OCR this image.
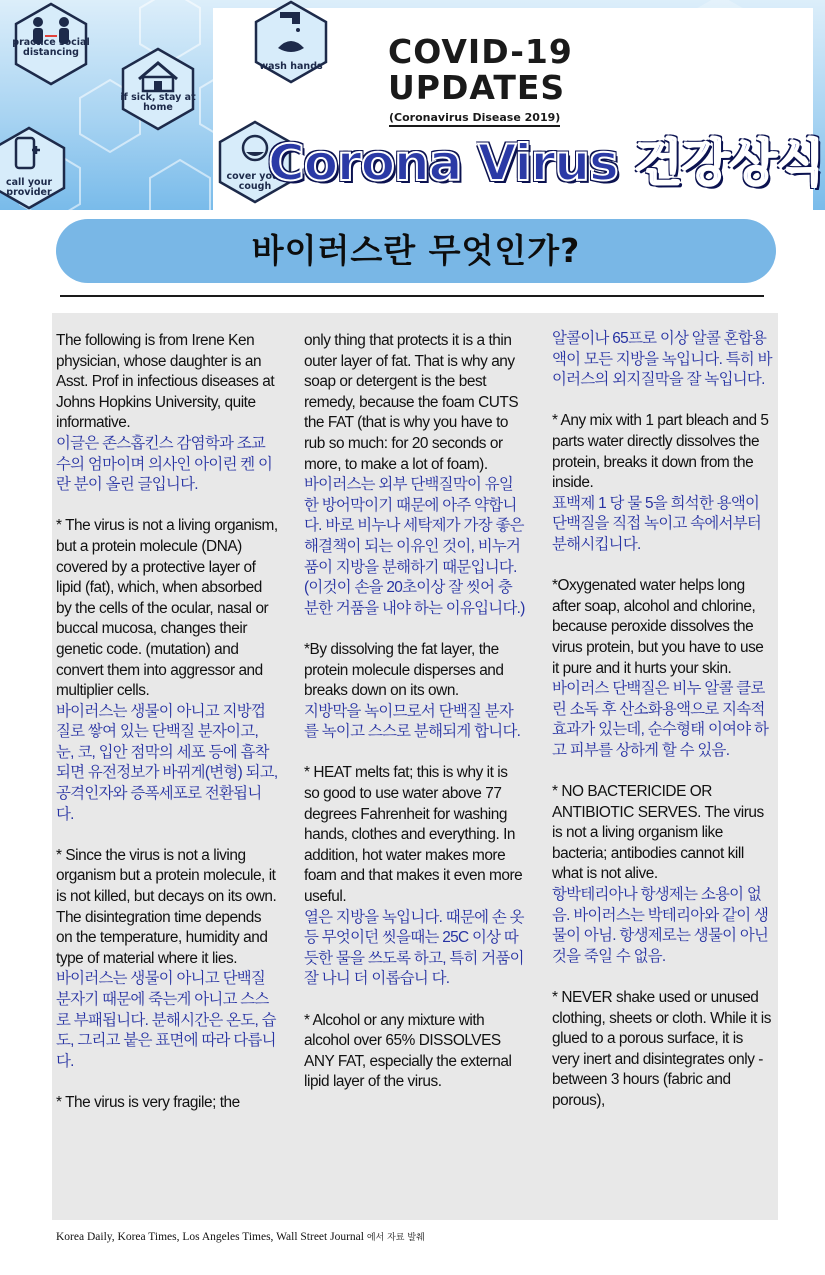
practice social distancing
wash hands
if sick, stay at home
call your provider
cover your cough
COVID-19
UPDATES
(Coronavirus Disease 2019)
Corona Virus 건강상식
바이러스란 무엇인가?

The following is from Irene Ken physician, whose daughter is an Asst. Prof in infectious diseases at Johns Hopkins University, quite informative.
이글은 존스홉킨스 감염학과 조교수의 엄마이며 의사인 아이린 켄 이란 분이 올린 글입니다.

* The virus is not a living organism, but a protein molecule (DNA) covered by a protective layer of lipid (fat), which, when absorbed by the cells of the ocular, nasal or buccal mucosa, changes their genetic code. (mutation) and convert them into aggressor and multiplier cells.
바이러스는 생물이 아니고 지방껍질로 쌓여 있는 단백질 분자이고, 눈, 코, 입안 점막의 세포 등에 흡착되면 유전정보가 바뀌게(변형) 되고, 공격인자와 증폭세포로 전환됩니다.

* Since the virus is not a living organism but a protein molecule, it is not killed, but decays on its own. The disintegration time depends on the temperature, humidity and type of material where it lies.
바이러스는 생물이 아니고 단백질 분자기 때문에 죽는게 아니고 스스로 부패됩니다. 분해시간은 온도, 습도, 그리고 붙은 표면에 따라 다릅니다.

* The virus is very fragile; the

only thing that protects it is a thin outer layer of fat. That is why any soap or detergent is the best remedy, because the foam CUTS the FAT (that is why you have to rub so much: for 20 seconds or more, to make a lot of foam).
바이러스는 외부 단백질막이 유일한 방어막이기 때문에 아주 약합니다. 바로 비누나 세탁제가 가장 좋은 해결책이 되는 이유인 것이, 비누거품이 지방을 분해하기 때문입니다. (이것이 손을 20초이상 잘 씻어 충분한 거품을 내야 하는 이유입니다.)

*By dissolving the fat layer, the protein molecule disperses and breaks down on its own.
지방막을 녹이므로서 단백질 분자를 녹이고 스스로 분해되게 합니다.

* HEAT melts fat; this is why it is so good to use water above 77 degrees Fahrenheit for washing hands, clothes and everything. In addition, hot water makes more foam and that makes it even more useful.
열은 지방을 녹입니다. 때문에 손 옷 등 무엇이던 씻을때는 25C 이상 따듯한 물을 쓰도록 하고, 특히 거품이 잘 나니 더 이롭습니 다.

* Alcohol or any mixture with alcohol over 65% DISSOLVES ANY FAT, especially the external lipid layer of the virus.

알콜이나 65프로 이상 알콜 혼합용액이 모든 지방을 녹입니다. 특히 바이러스의 외지질막을 잘 녹입니다.

* Any mix with 1 part bleach and 5 parts water directly dissolves the protein, breaks it down from the inside.
표백제 1 당 물 5을 희석한 용액이 단백질을 직접 녹이고 속에서부터 분해시킵니다.

*Oxygenated water helps long after soap, alcohol and chlorine, because peroxide dissolves the virus protein, but you have to use it pure and it hurts your skin.
바이러스 단백질은 비누 알콜 클로린 소독 후 산소화용액으로 지속적 효과가 있는데, 순수형태 이여야 하고 피부를 상하게 할 수 있음.

* NO BACTERICIDE OR ANTIBIOTIC SERVES. The virus is not a living organism like bacteria; antibodies cannot kill what is not alive.
항박테리아나 항생제는 소용이 없음. 바이러스는 박테리아와 같이 생물이 아님. 항생제로는 생물이 아닌것을 죽일 수 없음.

* NEVER shake used or unused clothing, sheets or cloth. While it is glued to a porous surface, it is very inert and disintegrates only -between 3 hours (fabric and porous),

Korea Daily, Korea Times, Los Angeles Times, Wall Street Journal 에서 자료 발췌
